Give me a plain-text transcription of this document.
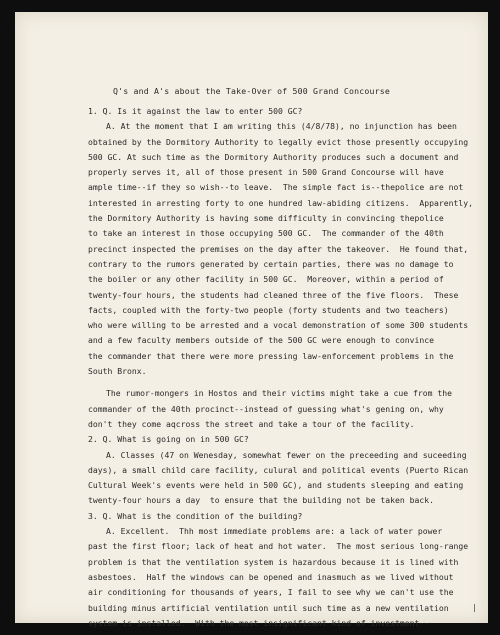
Q's and A's about the Take-Over of 500 Grand Concourse
1. Q. Is it against the law to enter 500 GC?
A. At the moment that I am writing this (4/8/78), no injunction has been
obtained by the Dormitory Authority to legally evict those presently occupying
500 GC. At such time as the Dormitory Authority produces such a document and
properly serves it, all of those present in 500 Grand Concourse will have
ample time--if they so wish--to leave.  The simple fact is--thepolice are not
interested in arresting forty to one hundred law-abiding citizens.  Apparently,
the Dormitory Authority is having some difficulty in convincing thepolice
to take an interest in those occupying 500 GC.  The commander of the 40th
precinct inspected the premises on the day after the takeover.  He found that,
contrary to the rumors generated by certain parties, there was no damage to
the boiler or any other facility in 500 GC.  Moreover, within a period of
twenty-four hours, the students had cleaned three of the five floors.  These
facts, coupled with the forty-two people (forty students and two teachers)
who were willing to be arrested and a vocal demonstration of some 300 students
and a few faculty members outside of the 500 GC were enough to convince
the commander that there were more pressing law-enforcement problems in the
South Bronx.
The rumor-mongers in Hostos and their victims might take a cue from the
commander of the 40th procinct--instead of guessing what's gening on, why
don't they come aqcross the street and take a tour of the facility.
2. Q. What is going on in 500 GC?
A. Classes (47 on Wenesday, somewhat fewer on the preceeding and suceeding
days), a small child care facility, culural and political events (Puerto Rican
Cultural Week's events were held in 500 GC), and students sleeping and eating
twenty-four hours a day  to ensure that the building not be taken back.
3. Q. What is the condition of the building?
A. Excellent.  Thh most immediate problems are: a lack of water power
past the first floor; lack of heat and hot water.  The most serious long-range
problem is that the ventilation system is hazardous because it is lined with
asbestoes.  Half the windows can be opened and inasmuch as we lived without
air conditioning for thousands of years, I fail to see why we can't use the
building minus artificial ventilation until such time as a new ventilation
system is installed.  With the most insignificant kind of investment--
